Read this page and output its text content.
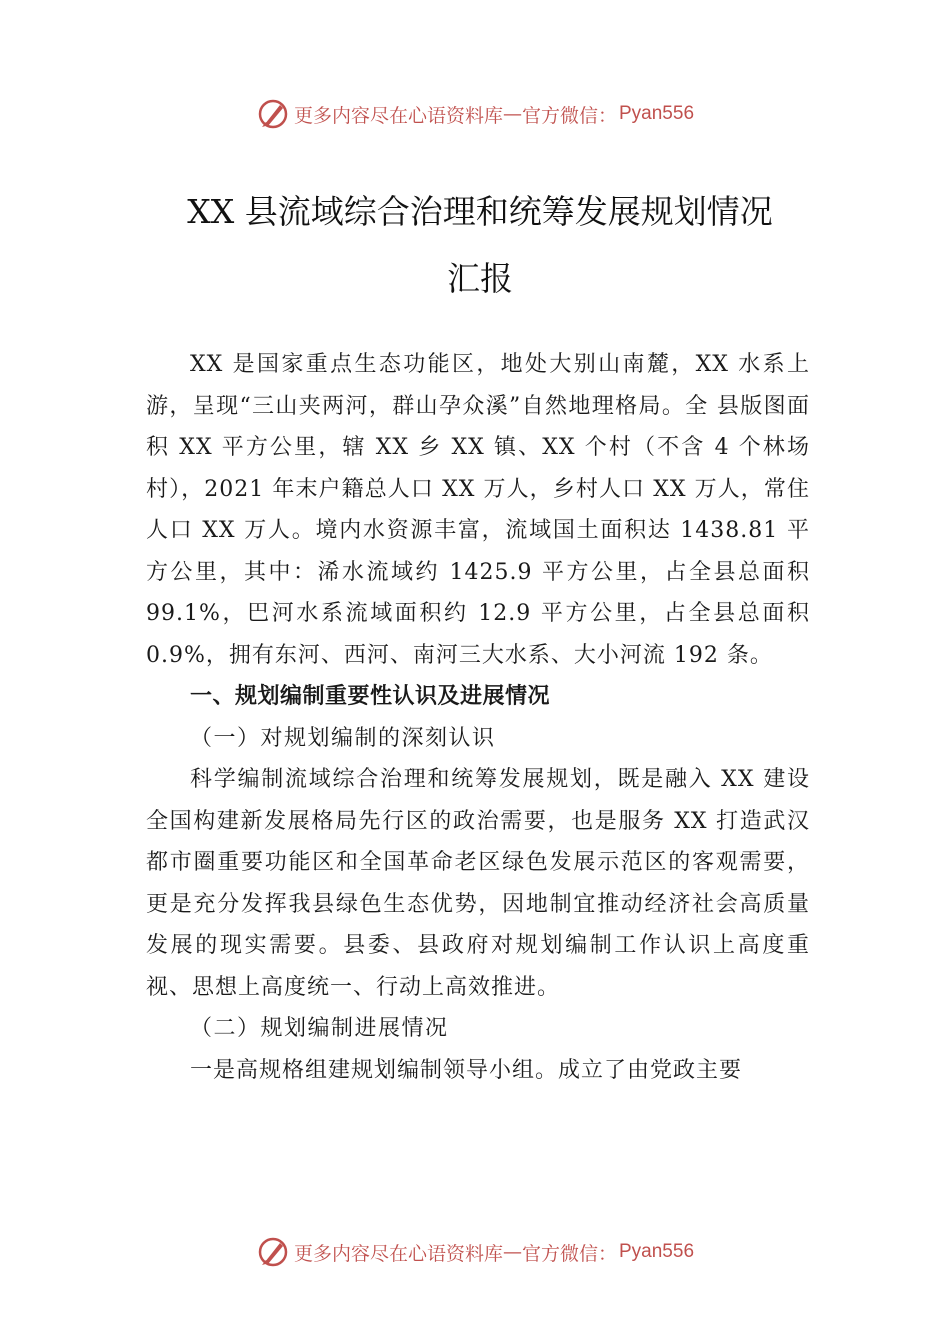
更多内容尽在心语资料库 — 官方微信： Pyan556
XX 县流域综合治理和统筹发展规划情况
汇报

XX 是国家重点生态功能区，地处大别山南麓，XX 水系上游，呈现“三山夹两河，群山孕众溪”自然地理格局。全 县版图面积 XX 平方公里，辖 XX 乡 XX 镇、XX 个村（不含 4 个林场村），2021 年末户籍总人口 XX 万人，乡村人口 XX 万人，常住人口 XX 万人。境内水资源丰富，流域国土面积达 1438.81 平方公里，其中：浠水流域约 1425.9 平方公里，占全县总面积 99.1%，巴河水系流域面积约 12.9 平方公里，占全县总面积 0.9%，拥有东河、西河、南河三大水系、大小河流 192 条。

一、规划编制重要性认识及进展情况

（一）对规划编制的深刻认识

科学编制流域综合治理和统筹发展规划，既是融入 XX 建设全国构建新发展格局先行区的政治需要，也是服务 XX 打造武汉都市圈重要功能区和全国革命老区绿色发展示范区的客观需要，更是充分发挥我县绿色生态优势，因地制宜推动经济社会高质量发展的现实需要。县委、县政府对规划编制工作认识上高度重视、思想上高度统一、行动上高效推进。

（二）规划编制进展情况

一是高规格组建规划编制领导小组。成立了由党政主要

更多内容尽在心语资料库 — 官方微信： Pyan556
